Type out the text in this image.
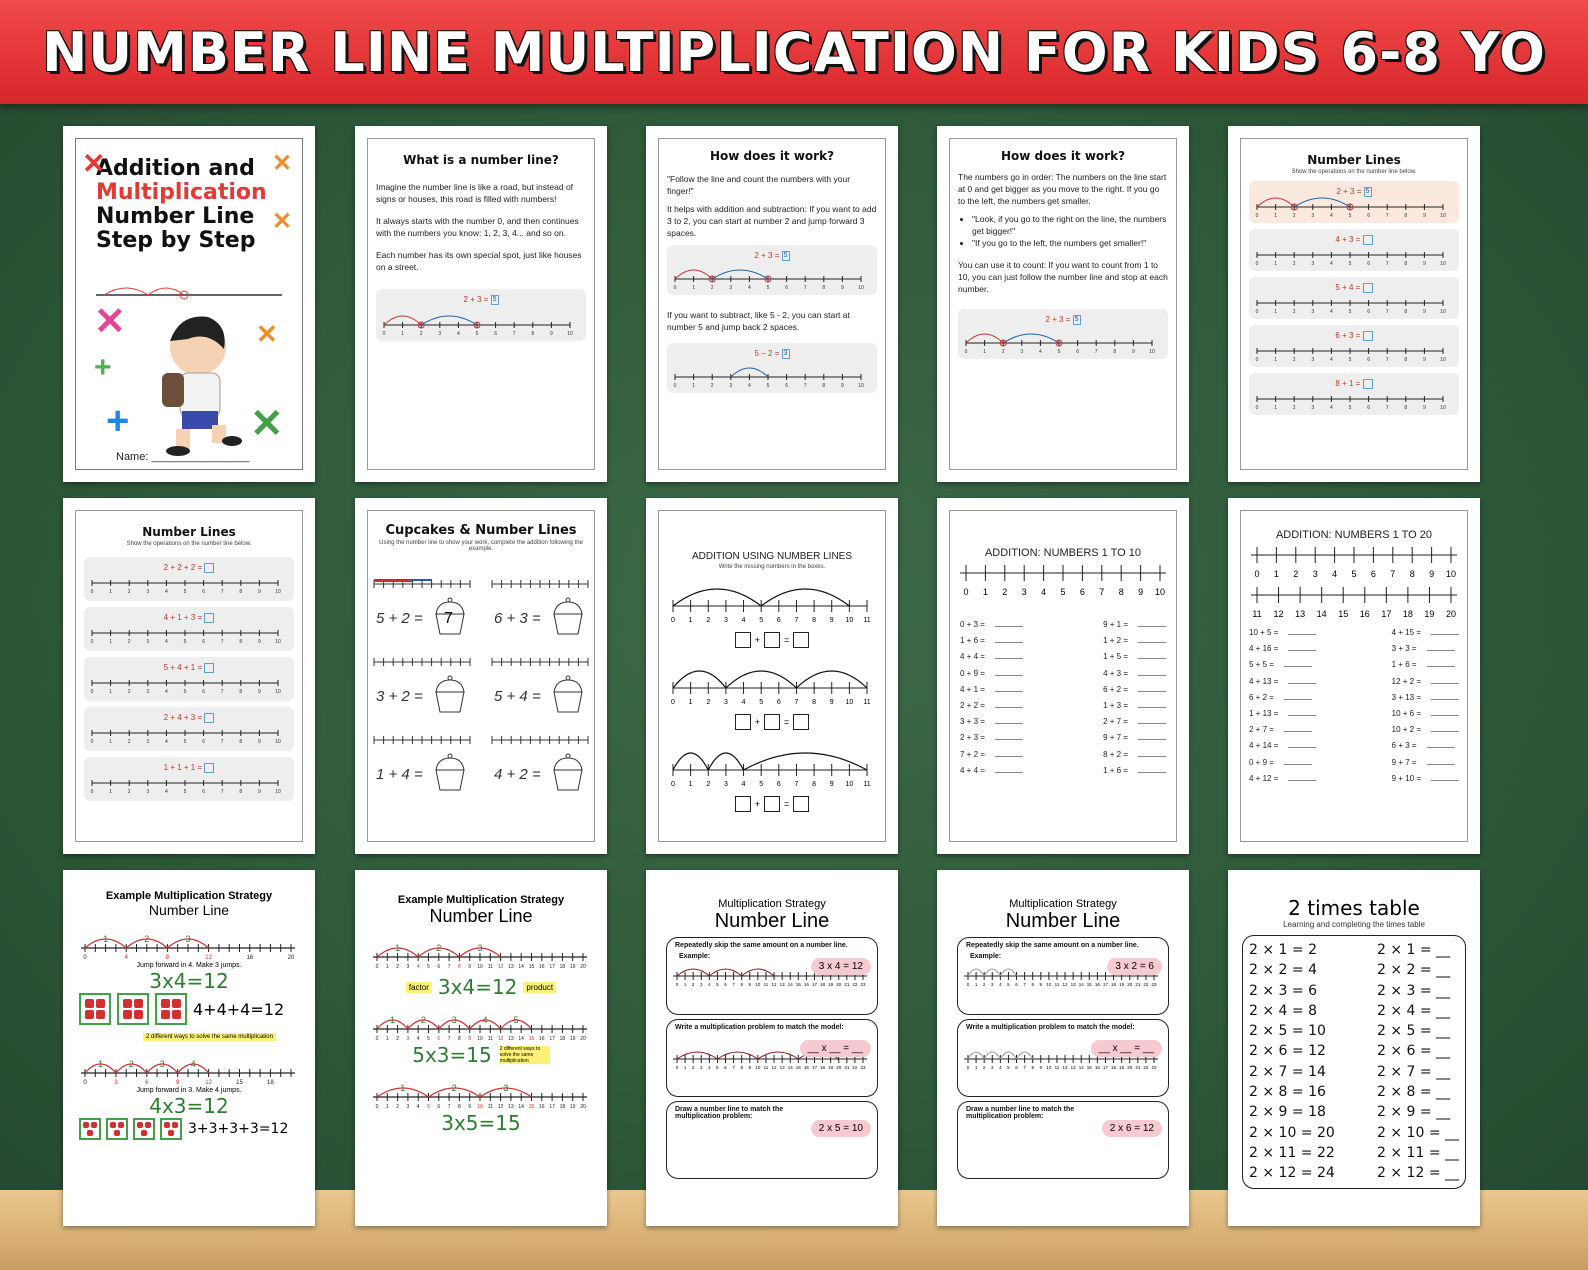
NUMBER LINE MULTIPLICATION FOR KIDS 6-8 YO
Addition and
Multiplication
Number Line
Step by Step
✕	✕
✕
✕
+
✕
+	✕
Name: ________________
What is a number line?
Imagine the number line is like a road, but instead of signs or houses, this road is filled with numbers!
It always starts with the number 0, and then continues with the numbers you know: 1, 2, 3, 4... and so on.
Each number has its own special spot, just like houses on a street.
2 + 3 = 5
0	1	2	3	4	5	6	7	8	9	10
How does it work?
"Follow the line and count the numbers with your finger!"
It helps with addition and subtraction: If you want to add 3 to 2, you can start at number 2 and jump forward 3 spaces.
2 + 3 = 5
0	1	2	3	4	5	6	7	8	9	10
If you want to subtract, like 5 - 2, you can start at number 5 and jump back 2 spaces.
5 − 2 = 3
0	1	2	3	4	5	6	7	8	9	10
How does it work?
The numbers go in order: The numbers on the line start at 0 and get bigger as you move to the right. If you go to the left, the numbers get smaller.
• "Look, if you go to the right on the line, the numbers get bigger!"
• "If you go to the left, the numbers get smaller!"
You can use it to count: If you want to count from 1 to 10, you can just follow the number line and stop at each number.
2 + 3 = 5
0	1	2	3	4	5	6	7	8	9	10
Number Lines
Show the operations on the number line below.
2 + 3 = 5
0	1	2	3	4	5	6	7	8	9	10
4 + 3 =
0	1	2	3	4	5	6	7	8	9	10
5 + 4 =
0	1	2	3	4	5	6	7	8	9	10
6 + 3 =
0	1	2	3	4	5	6	7	8	9	10
8 + 1 =
0	1	2	3	4	5	6	7	8	9	10
Number Lines
Show the operations on the number line below.
2 + 2 + 2 =
0	1	2	3	4	5	6	7	8	9	10
4 + 1 + 3 =
0	1	2	3	4	5	6	7	8	9	10
5 + 4 + 1 =
0	1	2	3	4	5	6	7	8	9	10
2 + 4 + 3 =
0	1	2	3	4	5	6	7	8	9	10
1 + 1 + 1 =
0	1	2	3	4	5	6	7	8	9	10
Cupcakes & Number Lines
Using the number line to show your work, complete the addition following the example.
5 + 2 = 7	6 + 3 =
3 + 2 =	5 + 4 =
1 + 4 =	4 + 2 =
ADDITION USING NUMBER LINES
Write the missing numbers in the boxes.
0 1 2 3 4 5 6 7 8 9 10 11
+	=
0 1 2 3 4 5 6 7 8 9 10 11
+	=
0 1 2 3 4 5 6 7 8 9 10 11
+	=
ADDITION: NUMBERS 1 TO 10
0 1 2 3 4 5 6 7 8 9 10
0 + 3 =
1 + 6 =
4 + 4 =
0 + 9 =
4 + 1 =
2 + 2 =
3 + 3 =
2 + 3 =
7 + 2 =
4 + 4 =
9 + 1 =
1 + 2 =
1 + 5 =
4 + 3 =
6 + 2 =
1 + 3 =
2 + 7 =
9 + 7 =
8 + 2 =
1 + 6 =
ADDITION: NUMBERS 1 TO 20
0 1 2 3 4 5 6 7 8 9 10
11 12 13 14 15 16 17 18 19 20
10 + 5 =
4 + 16 =
5 + 5 =
4 + 13 =
6 + 2 =
1 + 13 =
2 + 7 =
4 + 14 =
0 + 9 =
4 + 12 =
4 + 15 =
3 + 3 =
1 + 6 =
12 + 2 =
3 + 13 =
10 + 6 =
10 + 2 =
6 + 3 =
9 + 7 =
9 + 10 =
Example Multiplication Strategy
Number Line
0	4	8	12	16	20
1	2	3
Jump forward in 4. Make 3 jumps.
3x4=12
4+4+4=12
2 different ways to solve the same multiplication
0	3	6	9	12	15	18
1	2	3	4
Jump forward in 3. Make 4 jumps.
4x3=12
3+3+3+3=12
Example Multiplication Strategy
Number Line
0 1 2 3 4 5 6 7 8 9 10 11 12 13 14 15 16 17 18 19 20
1	2	3
factor 3x4=12	product
0 1 2 3 4 5 6 7 8 9 10 11 12 13 14 15 16 17 18 19 20
1	2	3	4	5
5x3=15 2 different ways to solve the same multiplication
0 1 2 3 4 5 6 7 8 9 10 11 12 13 14 15 16 17 18 19 20
1	2	3
3x5=15
Multiplication Strategy
Number Line
Repeatedly skip the same amount on a number line.
Example:
3 x 4 = 12
0 1 2 3 4 5 6 7 8 9 10 11 12 13 14 15 16 17 18 19 20 21 22 23
Write a multiplication problem to match the model:
__ x __ = __
0 1 2 3 4 5 6 7 8 9 10 11 12 13 14 15 16 17 18 19 20 21 22 23
Draw a number line to match the multiplication problem:
2 x 5 = 10
Multiplication Strategy
Number Line
Repeatedly skip the same amount on a number line.
Example:
3 x 2 = 6
0 1 2 3 4 5 6 7 8 9 10 11 12 13 14 15 16 17 18 19 20 21 22 23
Write a multiplication problem to match the model:
__ x __ = __
0 1 2 3 4 5 6 7 8 9 10 11 12 13 14 15 16 17 18 19 20 21 22 23
Draw a number line to match the multiplication problem:
2 x 6 = 12
2 times table
Learning and completing the times table
2 × 1 = 2
2 × 2 = 4
2 × 3 = 6
2 × 4 = 8
2 × 5 = 10
2 × 6 = 12
2 × 7 = 14
2 × 8 = 16
2 × 9 = 18
2 × 10 = 20
2 × 11 = 22
2 × 12 = 24
2 × 1 = __
2 × 2 = __
2 × 3 = __
2 × 4 = __
2 × 5 = __
2 × 6 = __
2 × 7 = __
2 × 8 = __
2 × 9 = __
2 × 10 = __
2 × 11 = __
2 × 12 = __
